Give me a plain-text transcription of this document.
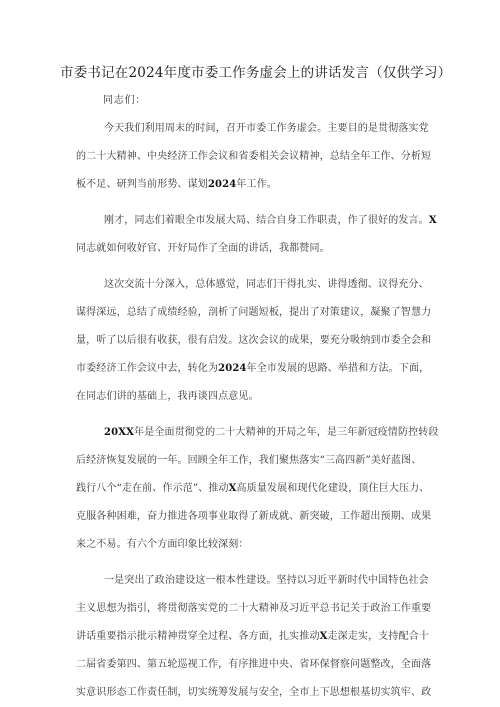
市委书记在2024年度市委工作务虚会上的讲话发言（仅供学习）
同志们：
今天我们利用周末的时间，召开市委工作务虚会。主要目的是贯彻落实党
的二十大精神、中央经济工作会议和省委相关会议精神，总结全年工作、分析短
板不足、研判当前形势、谋划2024年工作。
刚才，同志们着眼全市发展大局、结合自身工作职责，作了很好的发言。X
同志就如何收好官、开好局作了全面的讲话，我都赞同。
这次交流十分深入，总体感觉，同志们干得扎实、讲得透彻、议得充分、
谋得深远，总结了成绩经验，剖析了问题短板，提出了对策建议，凝聚了智慧力
量，听了以后很有收获，很有启发。这次会议的成果，要充分吸纳到市委全会和
市委经济工作会议中去，转化为2024年全市发展的思路、举措和方法。下面，
在同志们讲的基础上，我再谈四点意见。
20XX年是全面贯彻党的二十大精神的开局之年，是三年新冠疫情防控转段
后经济恢复发展的一年。回顾全年工作，我们聚焦落实“三高四新”美好蓝图、
践行八个“走在前、作示范”、推动X高质量发展和现代化建设，顶住巨大压力、
克服各种困难，奋力推进各项事业取得了新成就、新突破，工作超出预期、成果
来之不易。有六个方面印象比较深刻：
一是突出了政治建设这一根本性建设。坚持以习近平新时代中国特色社会
主义思想为指引，将贯彻落实党的二十大精神及习近平总书记关于政治工作重要
讲话重要指示批示精神贯穿全过程、各方面，扎实推动X走深走实，支持配合十
二届省委第四、第五轮巡视工作，有序推进中央、省环保督察问题整改，全面落
实意识形态工作责任制，切实统筹发展与安全，全市上下思想根基切实筑牢、政
